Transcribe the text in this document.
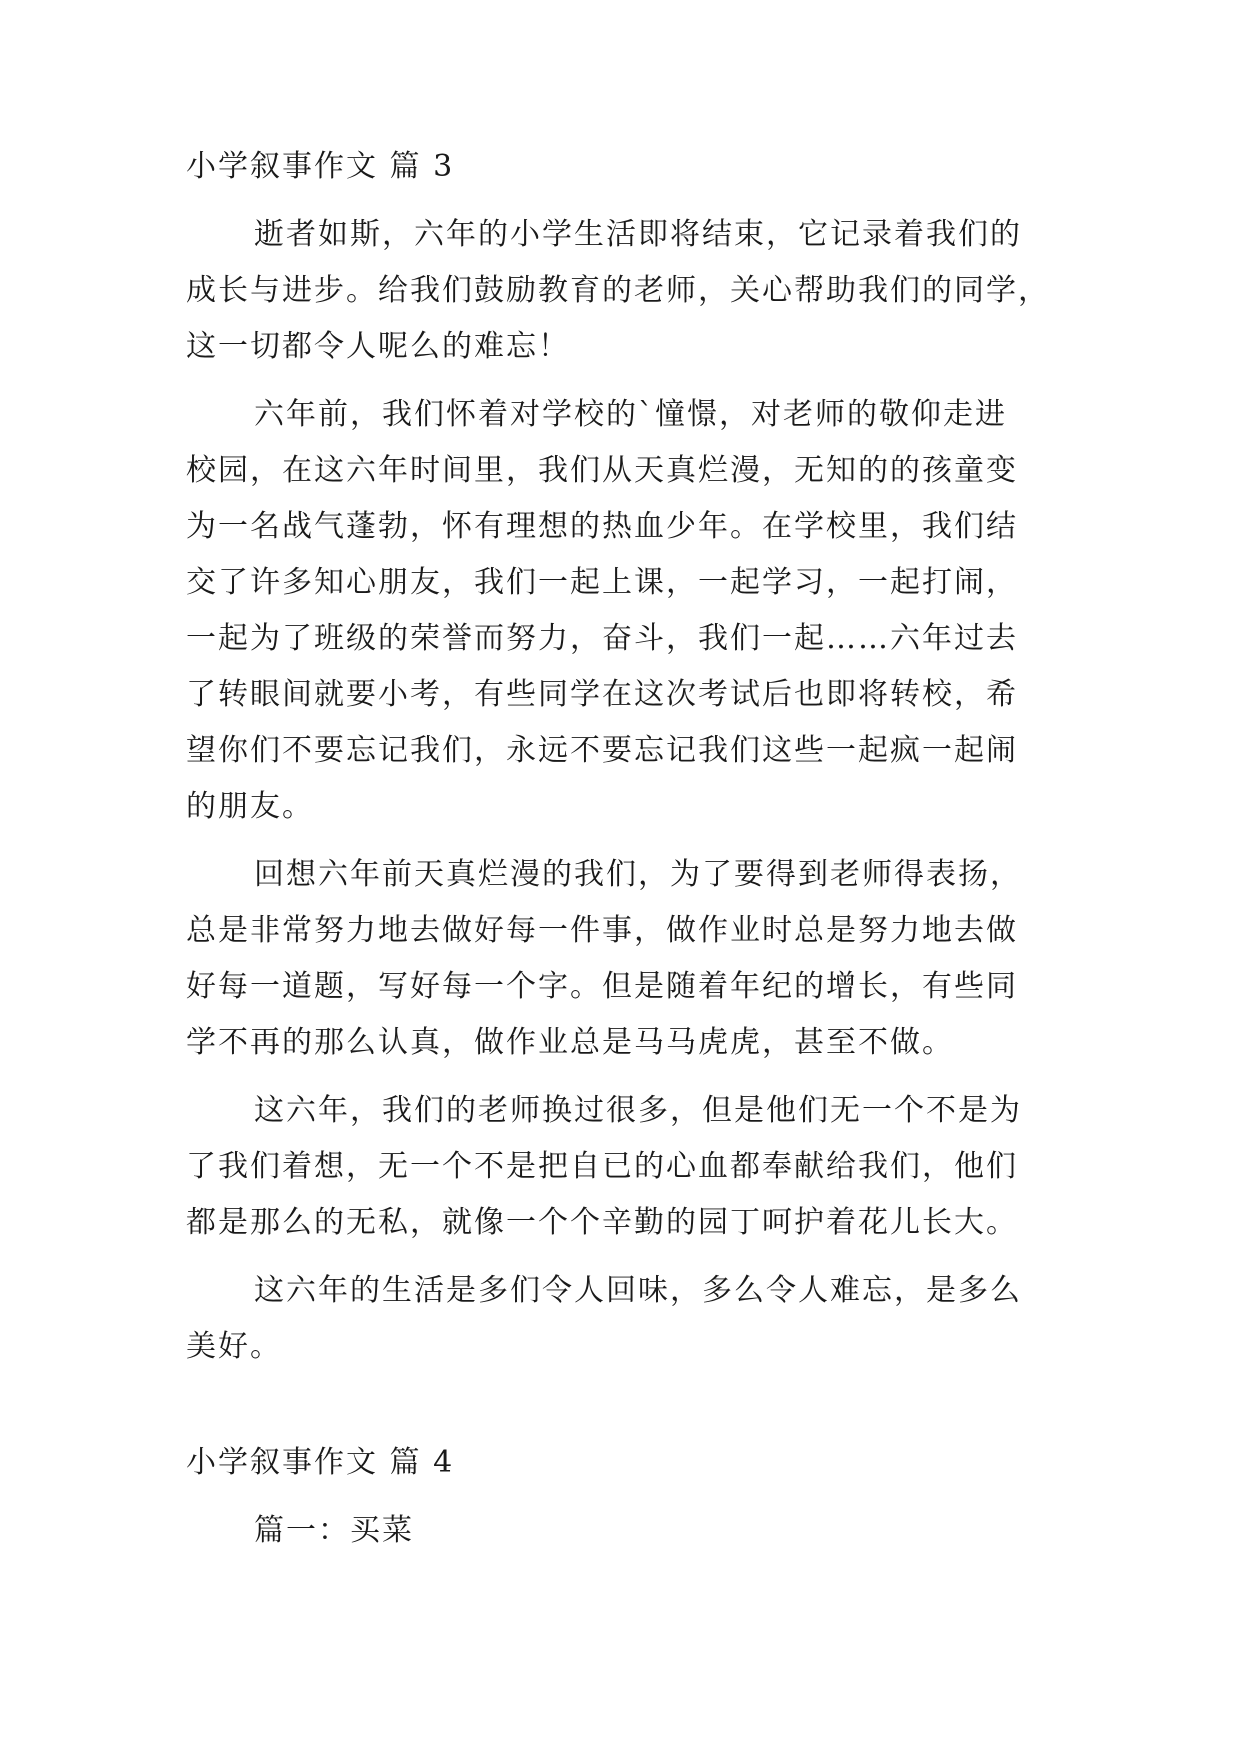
小学叙事作文 篇 3
逝者如斯，六年的小学生活即将结束，它记录着我们的
成长与进步。给我们鼓励教育的老师，关心帮助我们的同学，
这一切都令人呢么的难忘！
六年前，我们怀着对学校的`憧憬，对老师的敬仰走进
校园，在这六年时间里，我们从天真烂漫，无知的的孩童变
为一名战气蓬勃，怀有理想的热血少年。在学校里，我们结
交了许多知心朋友，我们一起上课，一起学习，一起打闹，
一起为了班级的荣誉而努力，奋斗，我们一起……六年过去
了转眼间就要小考，有些同学在这次考试后也即将转校，希
望你们不要忘记我们，永远不要忘记我们这些一起疯一起闹
的朋友。
回想六年前天真烂漫的我们，为了要得到老师得表扬，
总是非常努力地去做好每一件事，做作业时总是努力地去做
好每一道题，写好每一个字。但是随着年纪的增长，有些同
学不再的那么认真，做作业总是马马虎虎，甚至不做。
这六年，我们的老师换过很多，但是他们无一个不是为
了我们着想，无一个不是把自已的心血都奉献给我们，他们
都是那么的无私，就像一个个辛勤的园丁呵护着花儿长大。
这六年的生活是多们令人回味，多么令人难忘，是多么
美好。
小学叙事作文 篇 4
篇一：买菜
